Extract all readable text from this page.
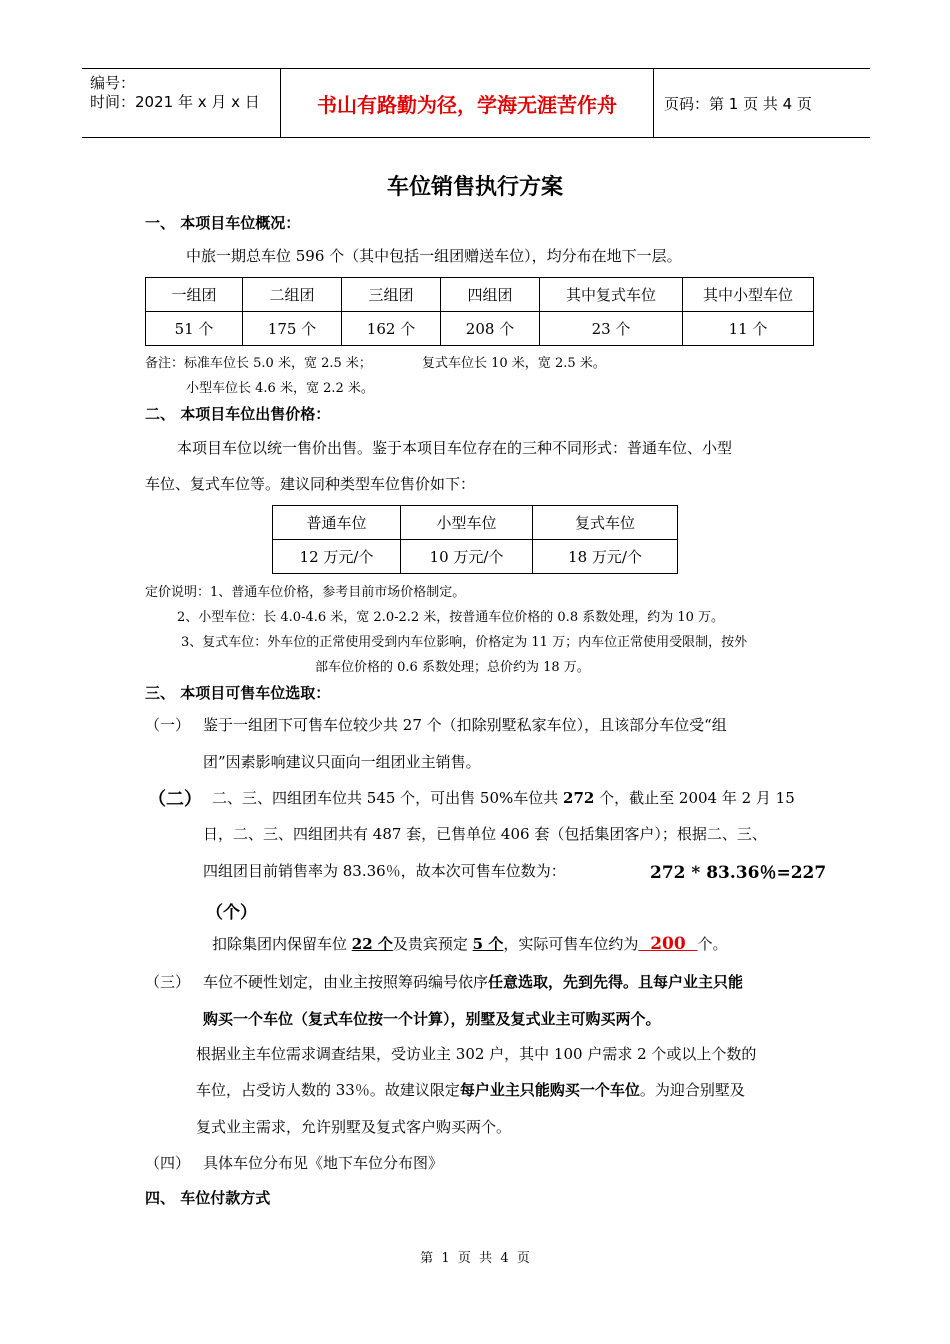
编号：
时间：2021 年 x 月 x 日	书山有路勤为径，学海无涯苦作舟	页码：第 1 页 共 4 页
车位销售执行方案
一、 本项目车位概况：
中旅一期总车位 596 个（其中包括一组团赠送车位），均分布在地下一层。
一组团	二组团	三组团	四组团	其中复式车位	其中小型车位
51 个	175 个	162 个	208 个	23 个	11 个
备注：标准车位长 5.0 米，宽 2.5 米；	复式车位长 10 米，宽 2.5 米。
小型车位长 4.6 米，宽 2.2 米。
二、 本项目车位出售价格：
本项目车位以统一售价出售。鉴于本项目车位存在的三种不同形式：普通车位、小型
车位、复式车位等。建议同种类型车位售价如下：
普通车位	小型车位	复式车位
12 万元/个	10 万元/个	18 万元/个
定价说明：1、普通车位价格，参考目前市场价格制定。
2、小型车位：长 4.0-4.6 米，宽 2.0-2.2 米，按普通车位价格的 0.8 系数处理，约为 10 万。
3、复式车位：外车位的正常使用受到内车位影响，价格定为 11 万；内车位正常使用受限制，按外
部车位价格的 0.6 系数处理；总价约为 18 万。
三、 本项目可售车位选取：
（一） 鉴于一组团下可售车位较少共 27 个（扣除别墅私家车位），且该部分车位受“组
团”因素影响建议只面向一组团业主销售。
（二） 二、三、四组团车位共 545 个，可出售 50%车位共 272 个，截止至 2004 年 2 月 15
日，二、三、四组团共有 487 套，已售单位 406 套（包括集团客户）；根据二、三、
四组团目前销售率为 83.36％，故本次可售车位数为：	272 * 83.36％=227
（个）
扣除集团内保留车位 22 个及贵宾预定 5 个，实际可售车位约为  200  个。
（三） 车位不硬性划定，由业主按照筹码编号依序任意选取，先到先得。且每户业主只能
购买一个车位（复式车位按一个计算），别墅及复式业主可购买两个。
根据业主车位需求调查结果，受访业主 302 户，其中 100 户需求 2 个或以上个数的
车位，占受访人数的 33％。故建议限定每户业主只能购买一个车位。为迎合别墅及
复式业主需求，允许别墅及复式客户购买两个。
（四） 具体车位分布见《地下车位分布图》
四、 车位付款方式
第  1  页  共  4  页
